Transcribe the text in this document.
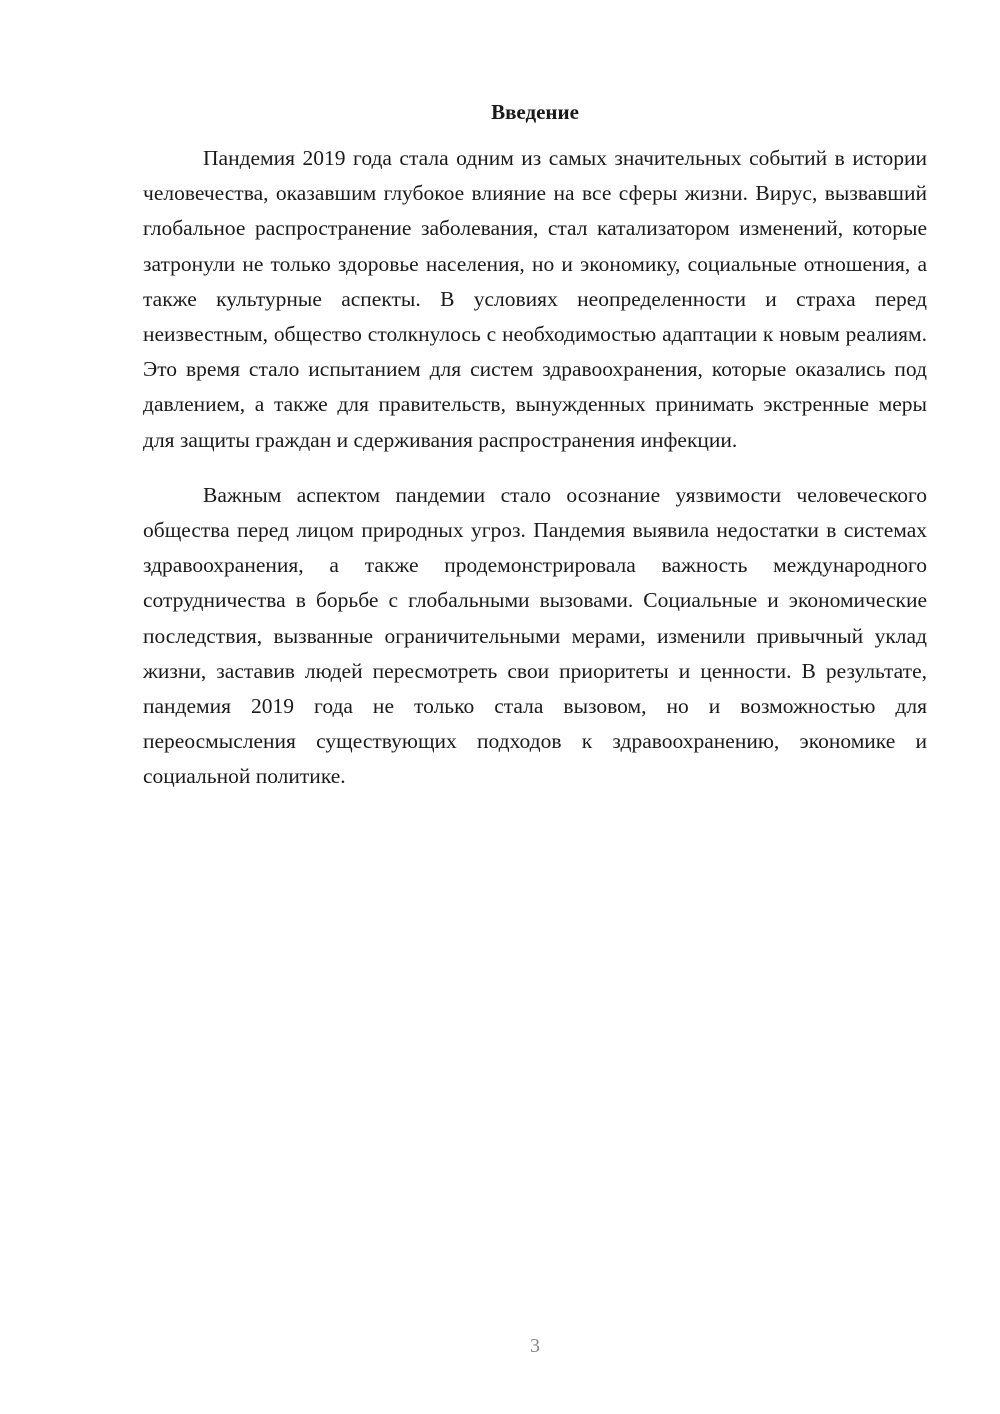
Введение

Пандемия 2019 года стала одним из самых значительных событий в истории человечества, оказавшим глубокое влияние на все сферы жизни. Вирус, вызвавший глобальное распространение заболевания, стал катализатором изменений, которые затронули не только здоровье населения, но и экономику, социальные отношения, а также культурные аспекты. В условиях неопределенности и страха перед неизвестным, общество столкнулось с необходимостью адаптации к новым реалиям. Это время стало испытанием для систем здравоохранения, которые оказались под давлением, а также для правительств, вынужденных принимать экстренные меры для защиты граждан и сдерживания распространения инфекции.

Важным аспектом пандемии стало осознание уязвимости человеческого общества перед лицом природных угроз. Пандемия выявила недостатки в системах здравоохранения, а также продемонстрировала важность международного сотрудничества в борьбе с глобальными вызовами. Социальные и экономические последствия, вызванные ограничительными мерами, изменили привычный уклад жизни, заставив людей пересмотреть свои приоритеты и ценности. В результате, пандемия 2019 года не только стала вызовом, но и возможностью для переосмысления существующих подходов к здравоохранению, экономике и социальной политике.

3
